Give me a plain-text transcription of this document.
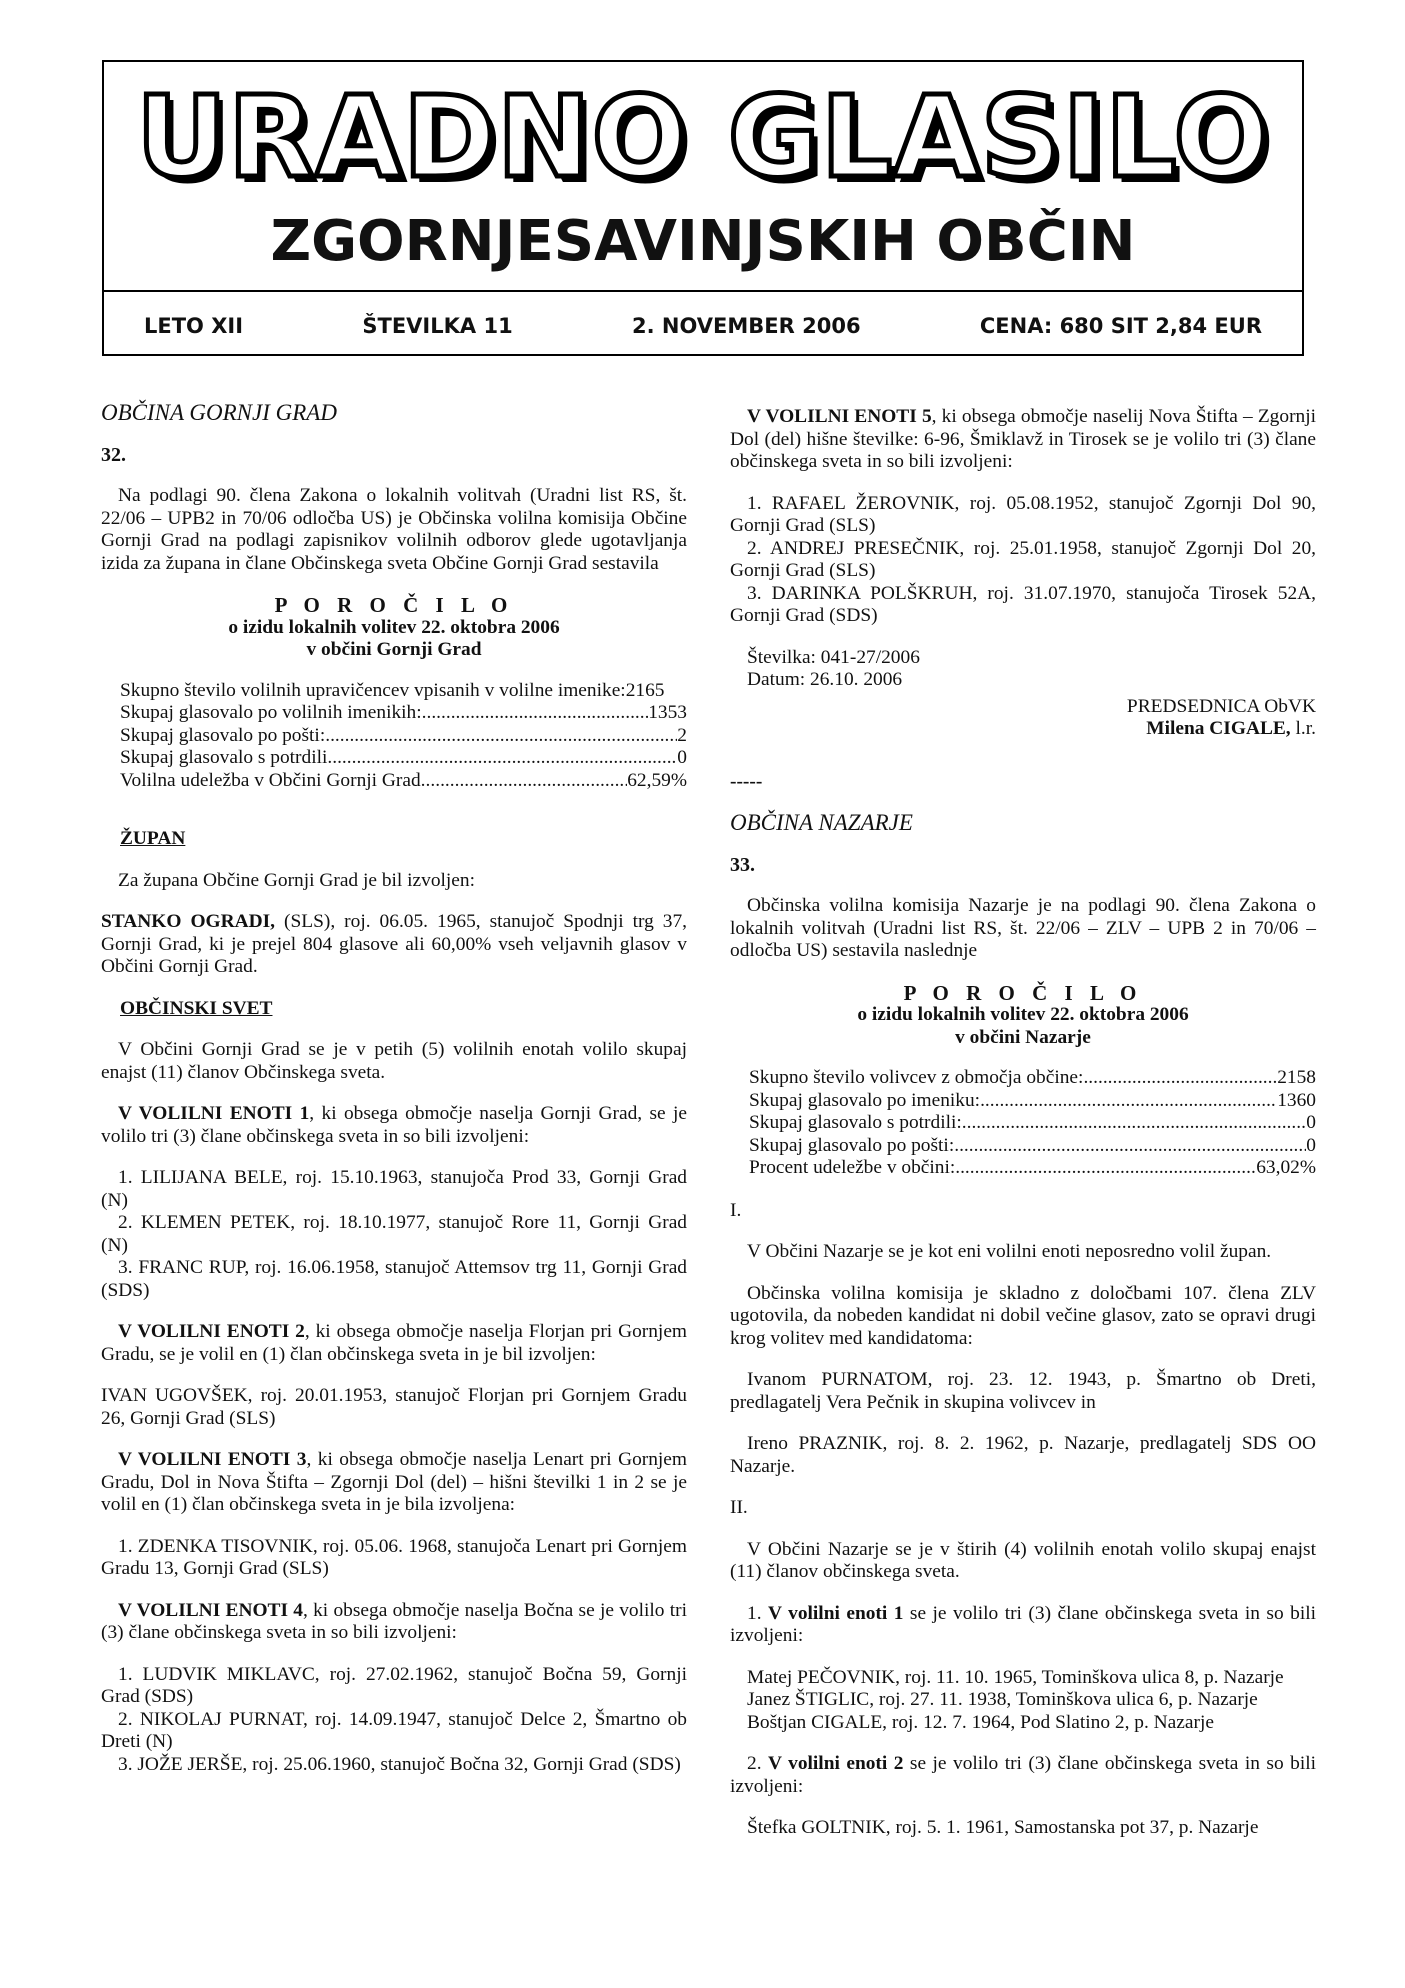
URADNO GLASILO
ZGORNJESAVINJSKIH OBČIN
LETO XII	ŠTEVILKA 11	2. NOVEMBER 2006	CENA: 680 SIT 2,84 EUR

OBČINA GORNJI GRAD

32.

Na podlagi 90. člena Zakona o lokalnih volitvah (Uradni list RS, št. 22/06 – UPB2 in 70/06 odločba US) je Občinska volilna komisija Občine Gornji Grad na podlagi zapisnikov volilnih odborov glede ugotavljanja izida za župana in člane Občinskega sveta Občine Gornji Grad sestavila

P O R O Č I L O
o izidu lokalnih volitev 22. oktobra 2006
v občini Gornji Grad
Skupno število volilnih upravičencev vpisanih v volilne imenike: 2165
Skupaj glasovalo po volilnih imenikih: .....	1353
Skupaj glasovalo po pošti: .....	2
Skupaj glasovalo s potrdili .....	0
Volilna udeležba v Občini Gornji Grad .....	62,59%

ŽUPAN

Za župana Občine Gornji Grad je bil izvoljen:

STANKO OGRADI, (SLS), roj. 06.05. 1965, stanujoč Spodnji trg 37, Gornji Grad, ki je prejel 804 glasove ali 60,00% vseh veljavnih glasov v Občini Gornji Grad.

OBČINSKI SVET

V Občini Gornji Grad se je v petih (5) volilnih enotah volilo skupaj enajst (11) članov Občinskega sveta.

V VOLILNI ENOTI 1, ki obsega območje naselja Gornji Grad, se je volilo tri (3) člane občinskega sveta in so bili izvoljeni:

1. LILIJANA BELE, roj. 15.10.1963, stanujoča Prod 33, Gornji Grad (N)
2. KLEMEN PETEK, roj. 18.10.1977, stanujoč Rore 11, Gornji Grad (N)
3. FRANC RUP, roj. 16.06.1958, stanujoč Attemsov trg 11, Gornji Grad (SDS)

V VOLILNI ENOTI 2, ki obsega območje naselja Florjan pri Gornjem Gradu, se je volil en (1) član občinskega sveta in je bil izvoljen:

IVAN UGOVŠEK, roj. 20.01.1953, stanujoč Florjan pri Gornjem Gradu 26, Gornji Grad (SLS)

V VOLILNI ENOTI 3, ki obsega območje naselja Lenart pri Gornjem Gradu, Dol in Nova Štifta – Zgornji Dol (del) – hišni številki 1 in 2 se je volil en (1) član občinskega sveta in je bila izvoljena:

1. ZDENKA TISOVNIK, roj. 05.06. 1968, stanujoča Lenart pri Gornjem Gradu 13, Gornji Grad (SLS)

V VOLILNI ENOTI 4, ki obsega območje naselja Bočna se je volilo tri (3) člane občinskega sveta in so bili izvoljeni:

1. LUDVIK MIKLAVC, roj. 27.02.1962, stanujoč Bočna 59, Gornji Grad (SDS)
2. NIKOLAJ PURNAT, roj. 14.09.1947, stanujoč Delce 2, Šmartno ob Dreti (N)
3. JOŽE JERŠE, roj. 25.06.1960, stanujoč Bočna 32, Gornji Grad (SDS)

V VOLILNI ENOTI 5, ki obsega območje naselij Nova Štifta – Zgornji Dol (del) hišne številke: 6-96, Šmiklavž in Tirosek se je volilo tri (3) člane občinskega sveta in so bili izvoljeni:

1. RAFAEL ŽEROVNIK, roj. 05.08.1952, stanujoč Zgornji Dol 90, Gornji Grad (SLS)
2. ANDREJ PRESEČNIK, roj. 25.01.1958, stanujoč Zgornji Dol 20, Gornji Grad (SLS)
3. DARINKA POLŠKRUH, roj. 31.07.1970, stanujoča Tirosek 52A, Gornji Grad (SDS)
Številka: 041-27/2006
Datum: 26.10. 2006
PREDSEDNICA ObVK
Milena CIGALE, l.r.

-----

OBČINA NAZARJE

33.

Občinska volilna komisija Nazarje je na podlagi 90. člena Zakona o lokalnih volitvah (Uradni list RS, št. 22/06 – ZLV – UPB 2 in 70/06 – odločba US) sestavila naslednje

P O R O Č I L O
o izidu lokalnih volitev 22. oktobra 2006
v občini Nazarje
Skupno število volivcev z območja občine: .....	2158
Skupaj glasovalo po imeniku: .....	1360
Skupaj glasovalo s potrdili: .....	0
Skupaj glasovalo po pošti: .....	0
Procent udeležbe v občini: .....	63,02%

I.

V Občini Nazarje se je kot eni volilni enoti neposredno volil župan.

Občinska volilna komisija je skladno z določbami 107. člena ZLV ugotovila, da nobeden kandidat ni dobil večine glasov, zato se opravi drugi krog volitev med kandidatoma:

Ivanom PURNATOM, roj. 23. 12. 1943, p. Šmartno ob Dreti, predlagatelj Vera Pečnik in skupina volivcev in

Ireno PRAZNIK, roj. 8. 2. 1962, p. Nazarje, predlagatelj SDS OO Nazarje.

II.

V Občini Nazarje se je v štirih (4) volilnih enotah volilo skupaj enajst (11) članov občinskega sveta.

1. V volilni enoti 1 se je volilo tri (3) člane občinskega sveta in so bili izvoljeni:

Matej PEČOVNIK, roj. 11. 10. 1965, Tominškova ulica 8, p. Nazarje
Janez ŠTIGLIC, roj. 27. 11. 1938, Tominškova ulica 6, p. Nazarje
Boštjan CIGALE, roj. 12. 7. 1964, Pod Slatino 2, p. Nazarje

2. V volilni enoti 2 se je volilo tri (3) člane občinskega sveta in so bili izvoljeni:

Štefka GOLTNIK, roj. 5. 1. 1961, Samostanska pot 37, p. Nazarje
